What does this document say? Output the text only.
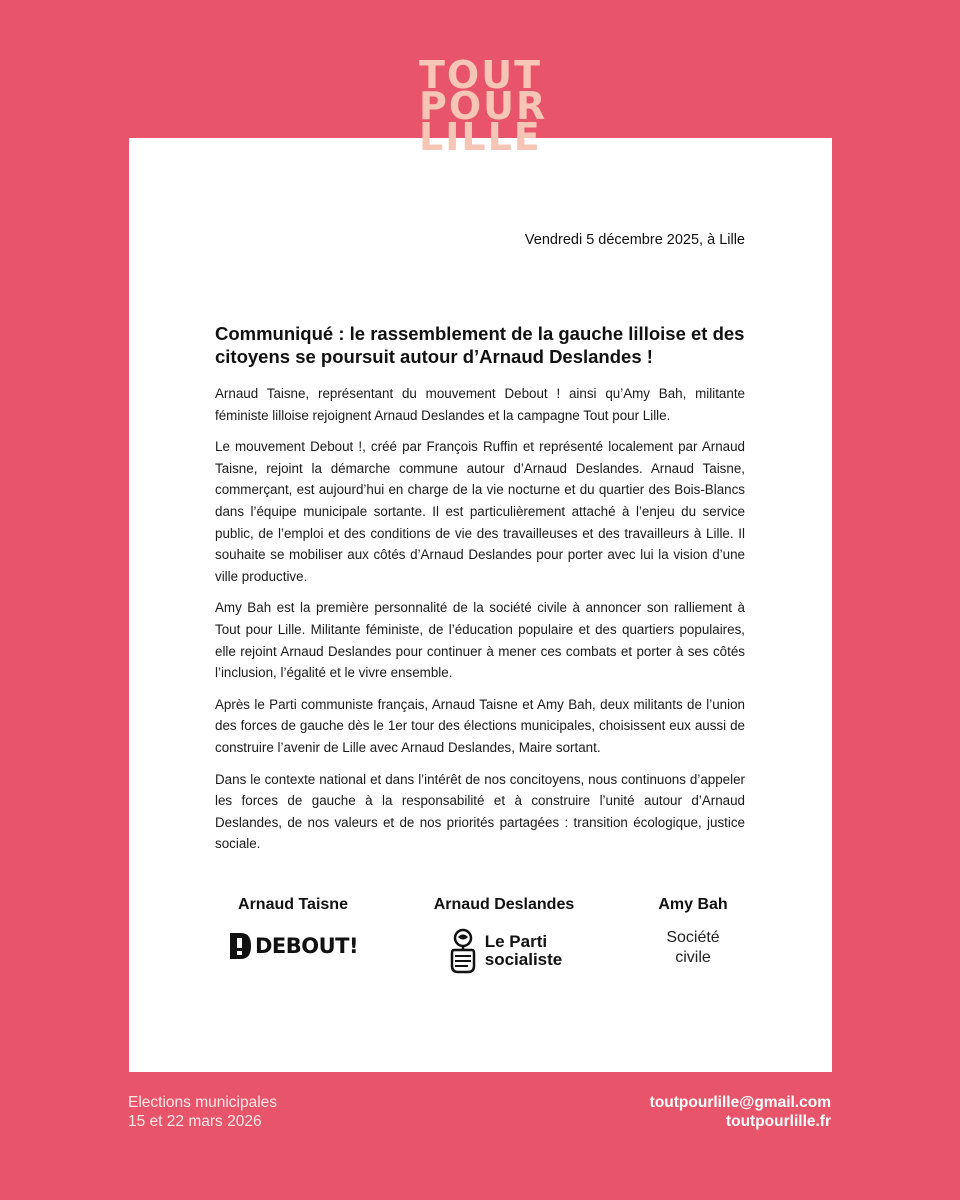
TOUT
POUR
LILLE
Vendredi 5 décembre 2025, à Lille
Communiqué : le rassemblement de la gauche lilloise et des citoyens se poursuit autour d’Arnaud Deslandes !

Arnaud Taisne, représentant du mouvement Debout ! ainsi qu’Amy Bah, militante féministe lilloise rejoignent Arnaud Deslandes et la campagne Tout pour Lille.

Le mouvement Debout !, créé par François Ruffin et représenté localement par Arnaud Taisne, rejoint la démarche commune autour d’Arnaud Deslandes. Arnaud Taisne, commerçant, est aujourd’hui en charge de la vie nocturne et du quartier des Bois-Blancs dans l’équipe municipale sortante. Il est particulièrement attaché à l’enjeu du service public, de l’emploi et des conditions de vie des travailleuses et des travailleurs à Lille. Il souhaite se mobiliser aux côtés d’Arnaud Deslandes pour porter avec lui la vision d’une ville productive.

Amy Bah est la première personnalité de la société civile à annoncer son ralliement à Tout pour Lille. Militante féministe, de l’éducation populaire et des quartiers populaires, elle rejoint Arnaud Deslandes pour continuer à mener ces combats et porter à ses côtés l’inclusion, l’égalité et le vivre ensemble.

Après le Parti communiste français, Arnaud Taisne et Amy Bah, deux militants de l’union des forces de gauche dès le 1er tour des élections municipales, choisissent eux aussi de construire l’avenir de Lille avec Arnaud Deslandes, Maire sortant.

Dans le contexte national et dans l’intérêt de nos concitoyens, nous continuons d’appeler les forces de gauche à la responsabilité et à construire l’unité autour d’Arnaud Deslandes, de nos valeurs et de nos priorités partagées : transition écologique, justice sociale.

Arnaud Taisne
DEBOUT!
Arnaud Deslandes
Le Parti
socialiste
Amy Bah
Société
civile
Elections municipales
15 et 22 mars 2026
toutpourlille@gmail.com
toutpourlille.fr
